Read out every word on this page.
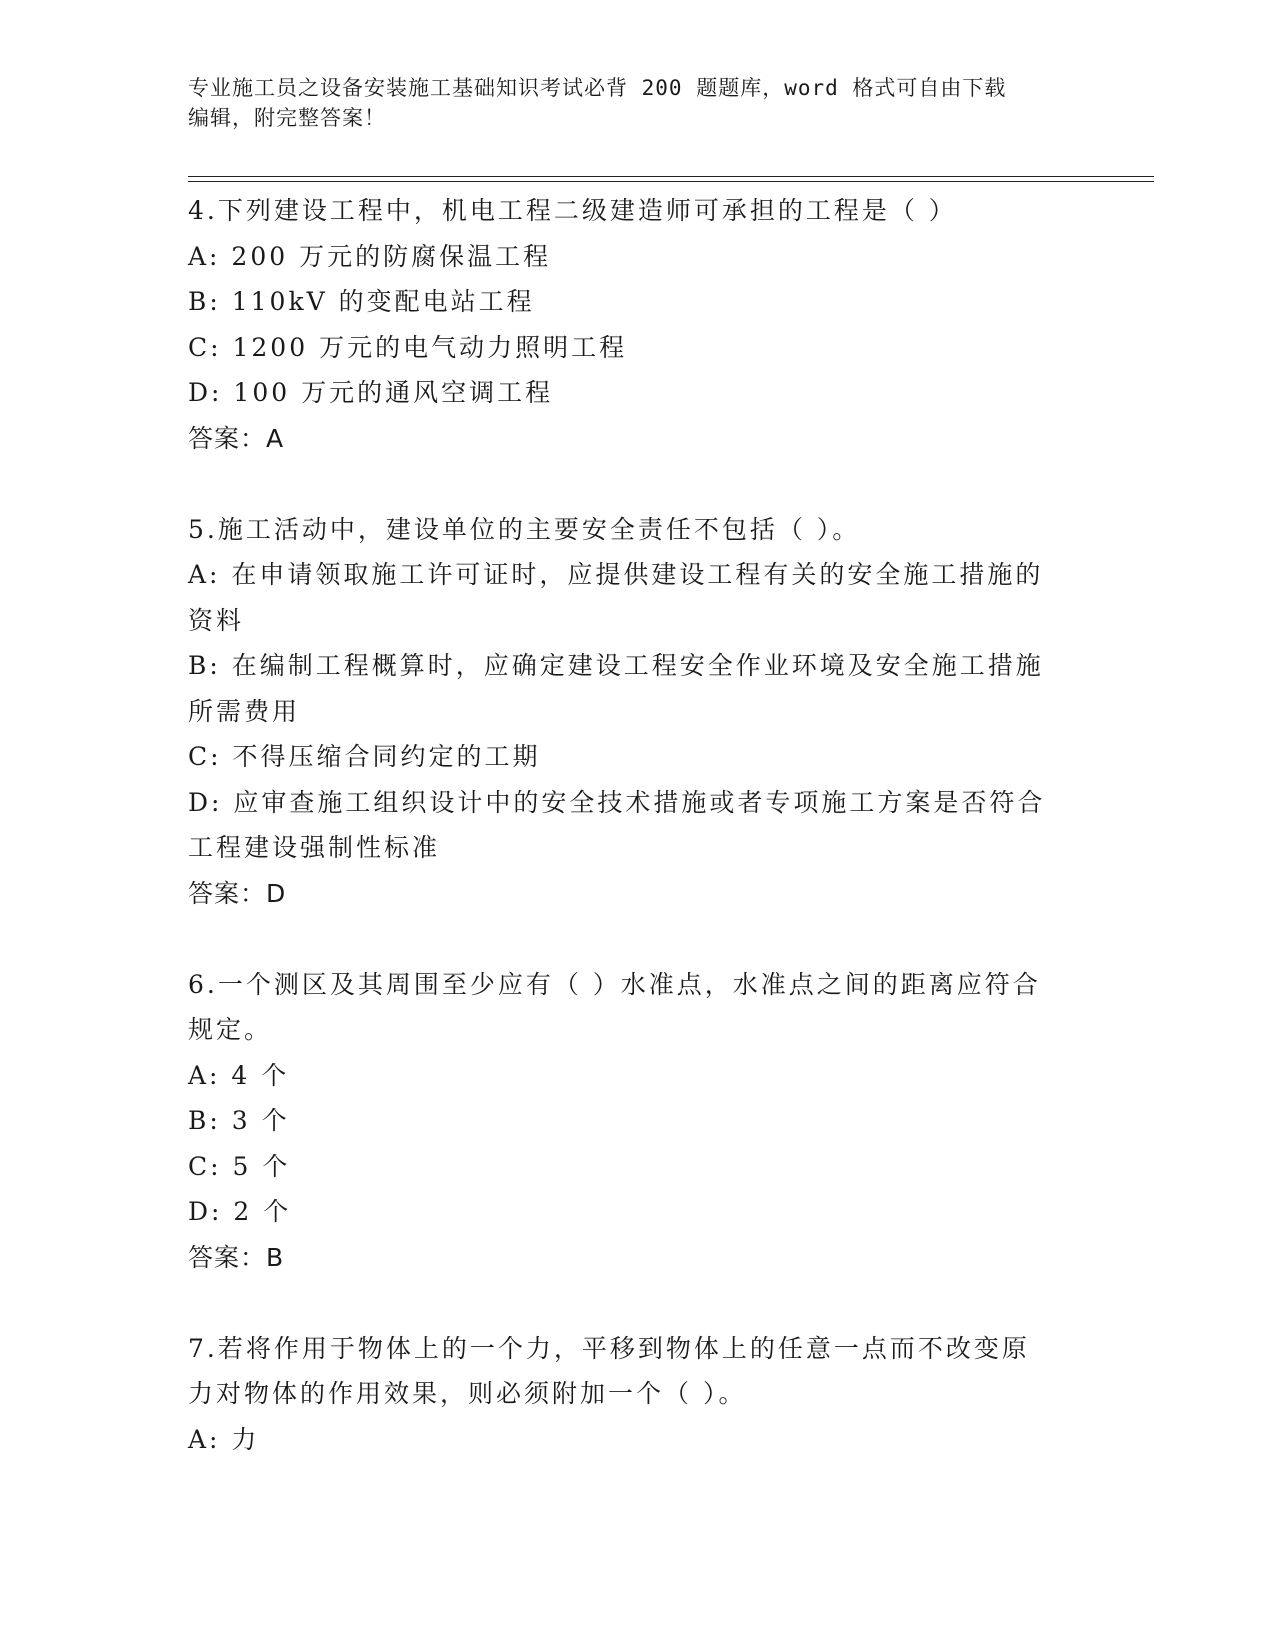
专业施工员之设备安装施工基础知识考试必背 200 题题库，word 格式可自由下载
编辑，附完整答案！
4.下列建设工程中，机电工程二级建造师可承担的工程是（ ）
A: 200 万元的防腐保温工程
B: 110kV 的变配电站工程
C: 1200 万元的电气动力照明工程
D: 100 万元的通风空调工程
答案：A
5.施工活动中，建设单位的主要安全责任不包括（ ）。
A: 在申请领取施工许可证时，应提供建设工程有关的安全施工措施的
资料
B: 在编制工程概算时，应确定建设工程安全作业环境及安全施工措施
所需费用
C: 不得压缩合同约定的工期
D: 应审查施工组织设计中的安全技术措施或者专项施工方案是否符合
工程建设强制性标准
答案：D
6.一个测区及其周围至少应有（ ）水准点，水准点之间的距离应符合
规定。
A: 4 个
B: 3 个
C: 5 个
D: 2 个
答案：B
7.若将作用于物体上的一个力，平移到物体上的任意一点而不改变原
力对物体的作用效果，则必须附加一个（ ）。
A: 力
